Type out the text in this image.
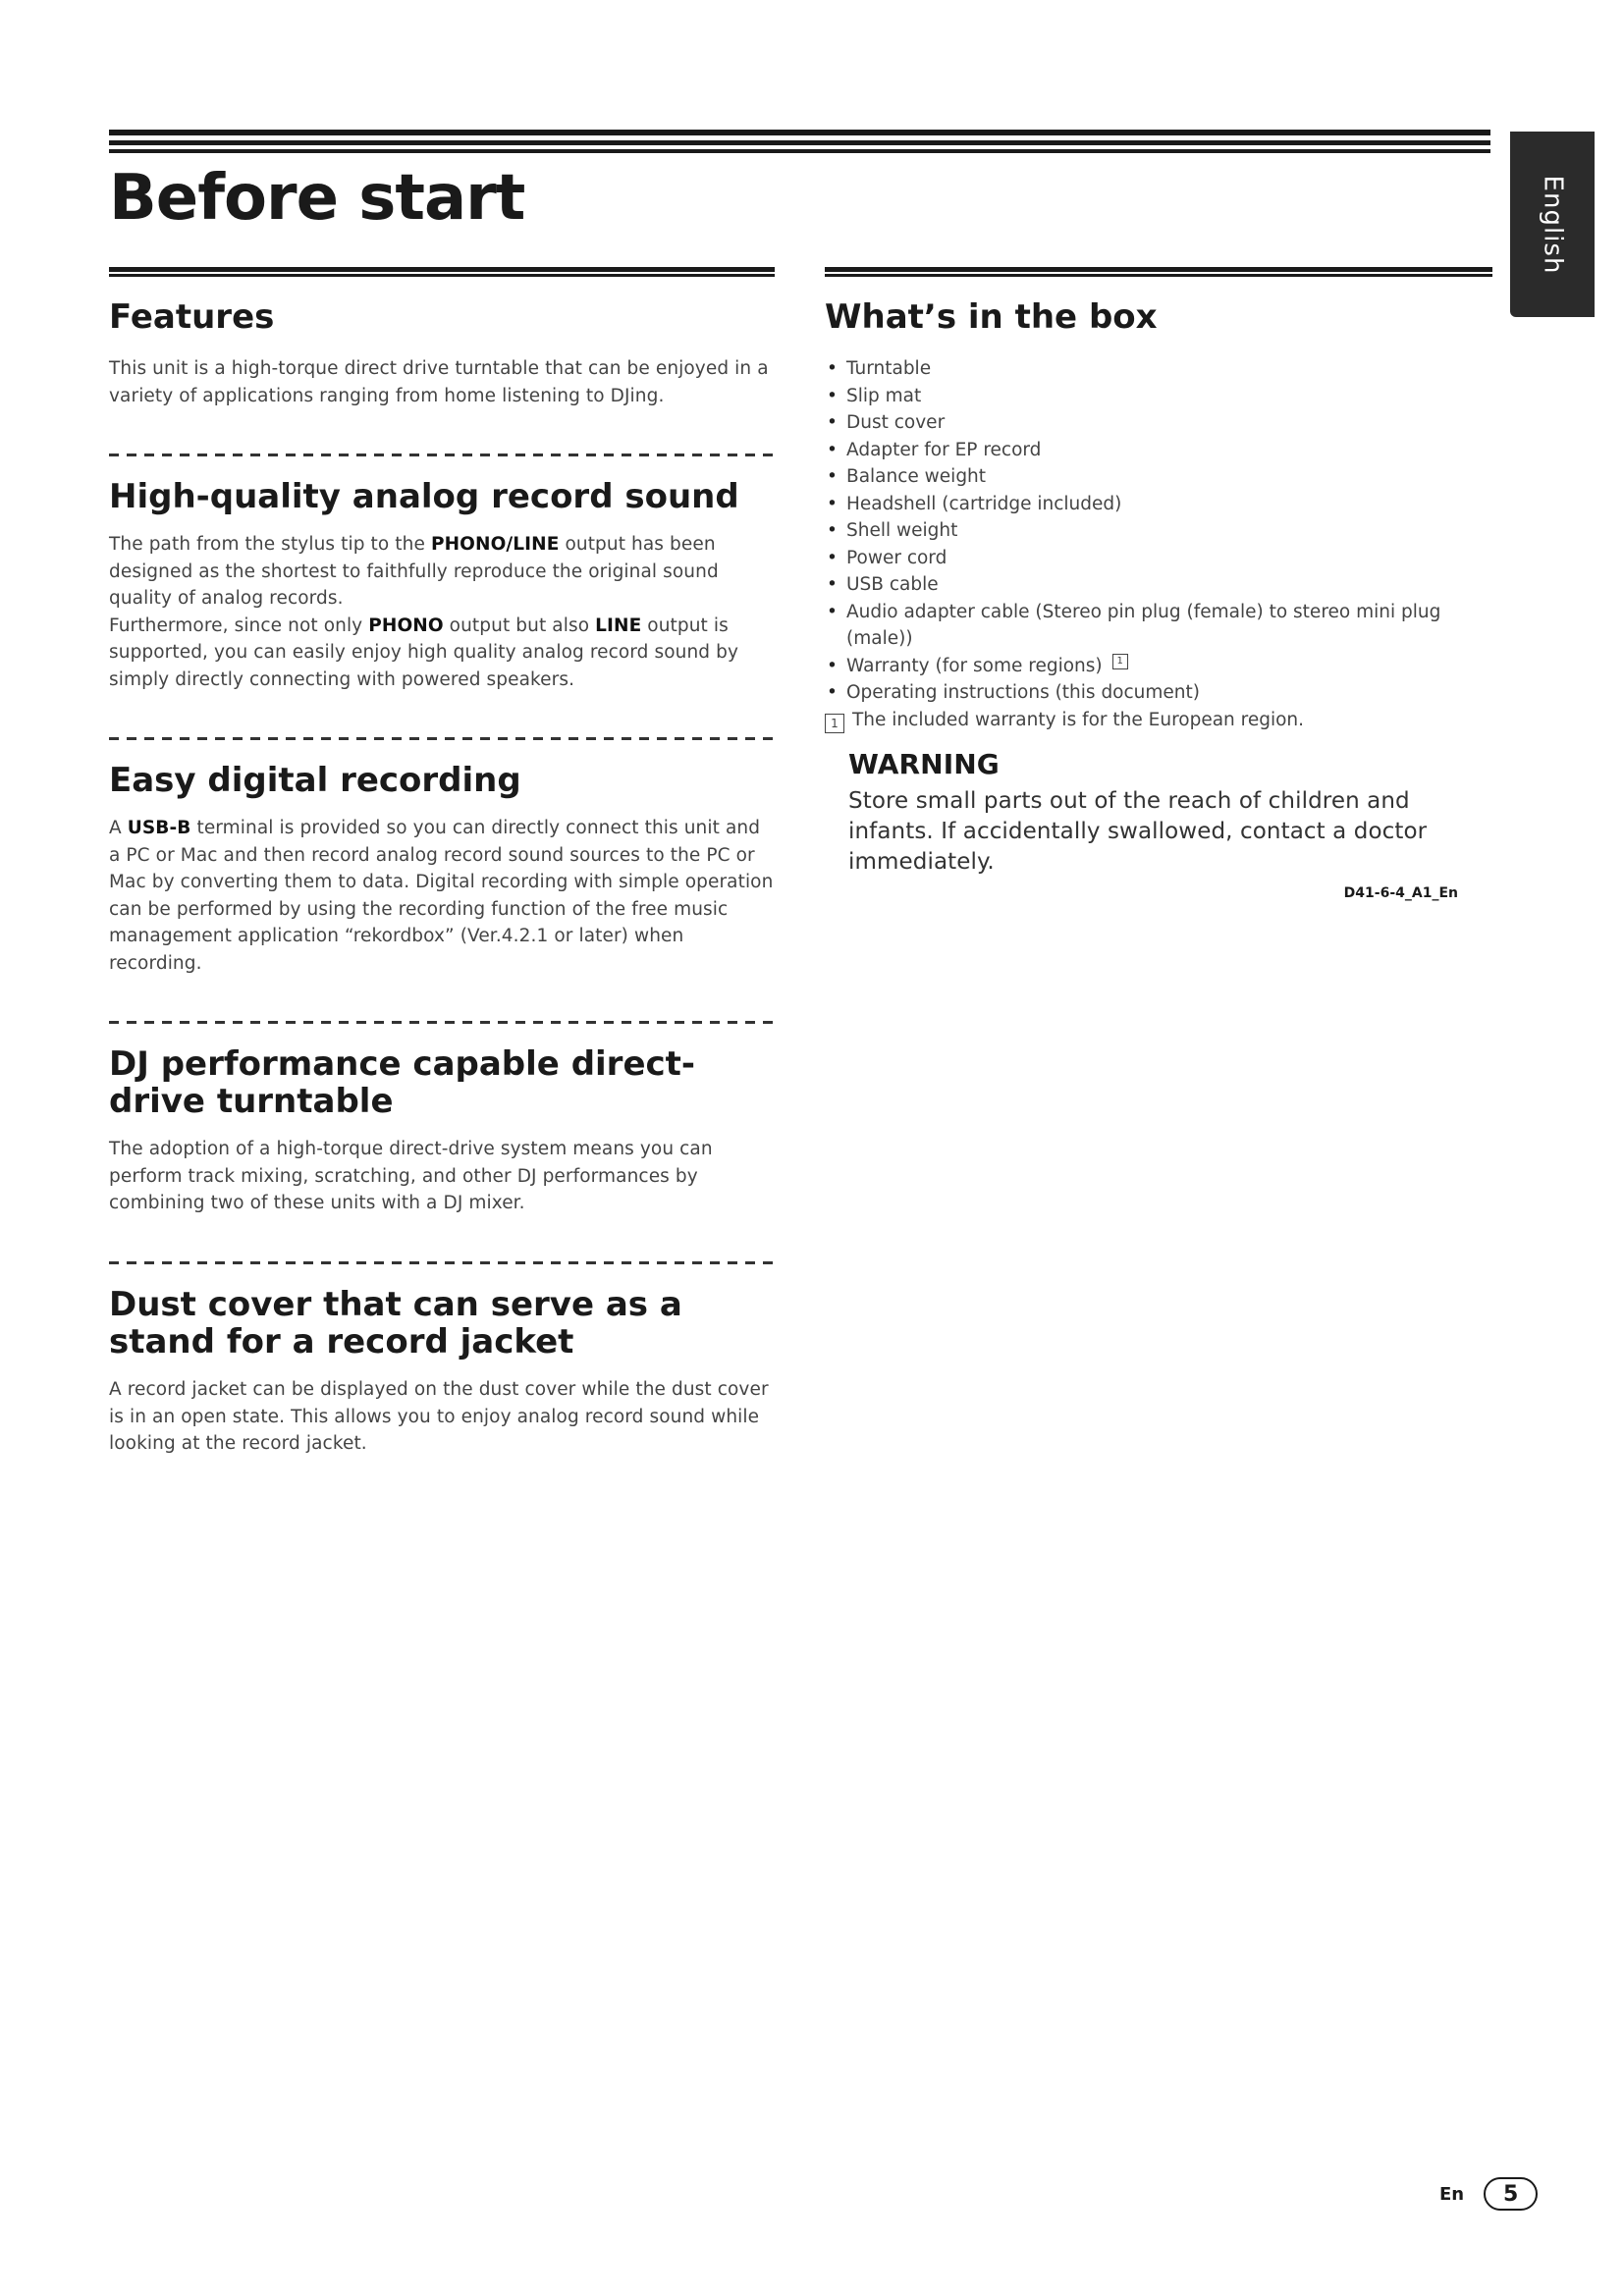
Before start	English
Features

This unit is a high-torque direct drive turntable that can be enjoyed in a variety of applications ranging from home listening to DJing.

High-quality analog record sound

The path from the stylus tip to the PHONO/LINE output has been designed as the shortest to faithfully reproduce the original sound quality of analog records.
Furthermore, since not only PHONO output but also LINE output is supported, you can easily enjoy high quality analog record sound by simply directly connecting with powered speakers.

Easy digital recording

A USB-B terminal is provided so you can directly connect this unit and a PC or Mac and then record analog record sound sources to the PC or Mac by converting them to data. Digital recording with simple operation can be performed by using the recording function of the free music management application “rekordbox” (Ver.4.2.1 or later) when recording.

DJ performance capable direct-drive turntable

The adoption of a high-torque direct-drive system means you can perform track mixing, scratching, and other DJ performances by combining two of these units with a DJ mixer.

Dust cover that can serve as a stand for a record jacket

A record jacket can be displayed on the dust cover while the dust cover is in an open state. This allows you to enjoy analog record sound while looking at the record jacket.

What’s in the box
• Turntable
• Slip mat
• Dust cover
• Adapter for EP record
• Balance weight
• Headshell (cartridge included)
• Shell weight
• Power cord
• USB cable
• Audio adapter cable (Stereo pin plug (female) to stereo mini plug (male))
• Warranty (for some regions) 1
• Operating instructions (this document)
1 The included warranty is for the European region.

WARNING

Store small parts out of the reach of children and infants. If accidentally swallowed, contact a doctor immediately.

D41-6-4_A1_En
En	5
